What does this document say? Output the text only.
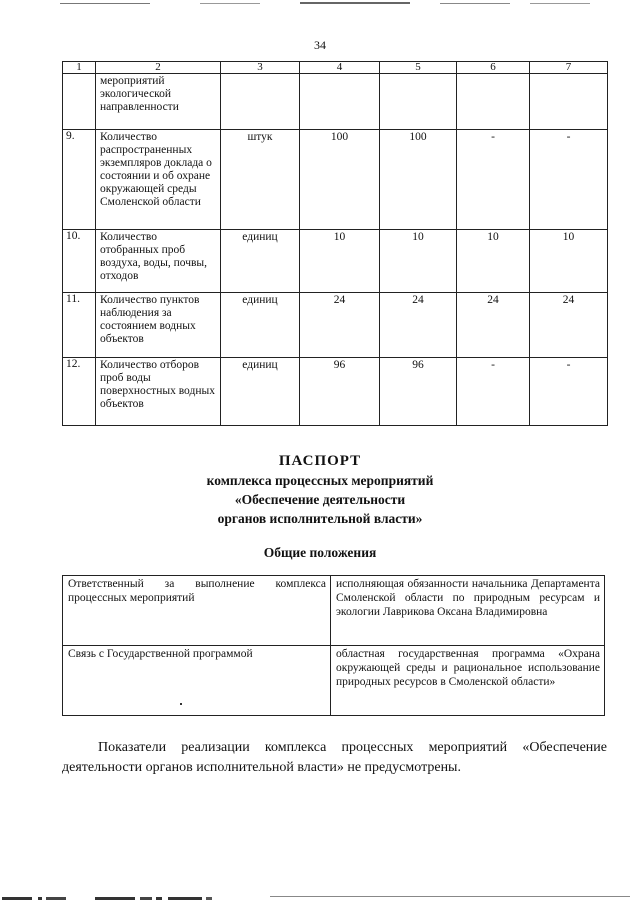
34
1	2	3	4	5	6	7
	мероприятий экологической направленности					
9.	Количество распространенных экземпляров доклада о состоянии и об охране окружающей среды Смоленской области	штук	100	100	-	-
10.	Количество отобранных проб воздуха, воды, почвы, отходов	единиц	10	10	10	10
11.	Количество пунктов наблюдения за состоянием водных объектов	единиц	24	24	24	24
12.	Количество отборов проб воды поверхностных водных объектов	единиц	96	96	-	-
ПАСПОРТ
комплекса процессных мероприятий
«Обеспечение деятельности
органов исполнительной власти»
Общие положения
Ответственный за выполнение комплекса процессных мероприятий	исполняющая обязанности начальника Департамента Смоленской области по природным ресурсам и экологии Лаврикова Оксана Владимировна
Связь с Государственной программой	областная государственная программа «Охрана окружающей среды и рациональное использование природных ресурсов в Смоленской области»
Показатели реализации комплекса процессных мероприятий «Обеспечение деятельности органов исполнительной власти» не предусмотрены.
